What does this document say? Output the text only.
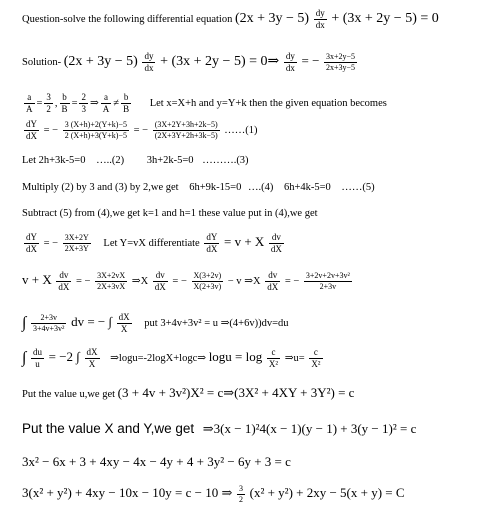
Question-solve the following differential equation $(2x + 3y - 5) \frac{dy}{dx} + (3x + 2y - 5) = 0$
Solution- $(2x + 3y - 5) \frac{dy}{dx} + (3x + 2y - 5)$ = 0⇒ $\frac{dy}{dx}$ = − $\frac{3x+2y-5}{2x+3y-5}$
$\frac{a}{A} = \frac{3}{2}$ , $\frac{b}{B} = \frac{2}{3}$ ⇒ $\frac{a}{A} \ne \frac{b}{B}$ Let x=X+h and y=Y+k then the given equation becomes
$\frac{dY}{dX}$ = − $\frac{3 (X+h)+2(Y+k)-5}{2 (X+h)+3(Y+k)-5}$ = − $\frac{(3X+2Y+3h+2k-5)}{(2X+3Y+2h+3k-5)}$ ……(1)
Let 2h+3k-5=0 …..(2) 3h+2k-5=0 ……….(3)
Multiply (2) by 3 and (3) by 2,we get 6h+9k-15=0 ….(4) 6h+4k-5=0 ……(5)
Subtract (5) from (4),we get k=1 and h=1 these value put in (4),we get
$\frac{dY}{dX}$ = − $\frac{3X+2Y}{2X+3Y}$ Let Y=vX differentiate $\frac{dY}{dX} = v + X \frac{dv}{dX}$
v + X $\frac{dv}{dX}$ = − $\frac{3X+2vX}{2X+3vX}$ ⇒X $\frac{dv}{dX}$ = − $\frac{X(3+2v)}{X(2+3v)} - v$ ⇒X $\frac{dv}{dX}$ = − $\frac{\text{3+2v+2v+3v²}}{2+3v}$
∫ $\frac{2+3v}{\text{3+4v+3v²}}$ dv = − ∫ $\frac{dX}{X}$ put 3+4v+3v² = u ⇒(4+6v))dv=du
∫ $\frac{du}{u} = -2$ ∫ $\frac{dX}{X}$ ⇒logu=-2logX+logc⇒ $\log u = \log \frac{c}{\text{X²}}$ ⇒u= $\frac{c}{\text{X²}}$
Put the value u,we get (3 + 4v + 3v²)X² = c⇒(3X² + 4XY + 3Y²) = c
Put the value X and Y,we get ⇒3(x − 1)²4(x − 1)(y − 1) + 3(y − 1)² = c
3x² − 6x + 3 + 4xy − 4x − 4y + 4 + 3y² − 6y + 3 = c
3(x² + y²) + 4xy − 10x − 10y = c − 10 ⇒ $\frac{3}{2} (x^2 + y^2) + 2xy - 5(x + y) = C$
